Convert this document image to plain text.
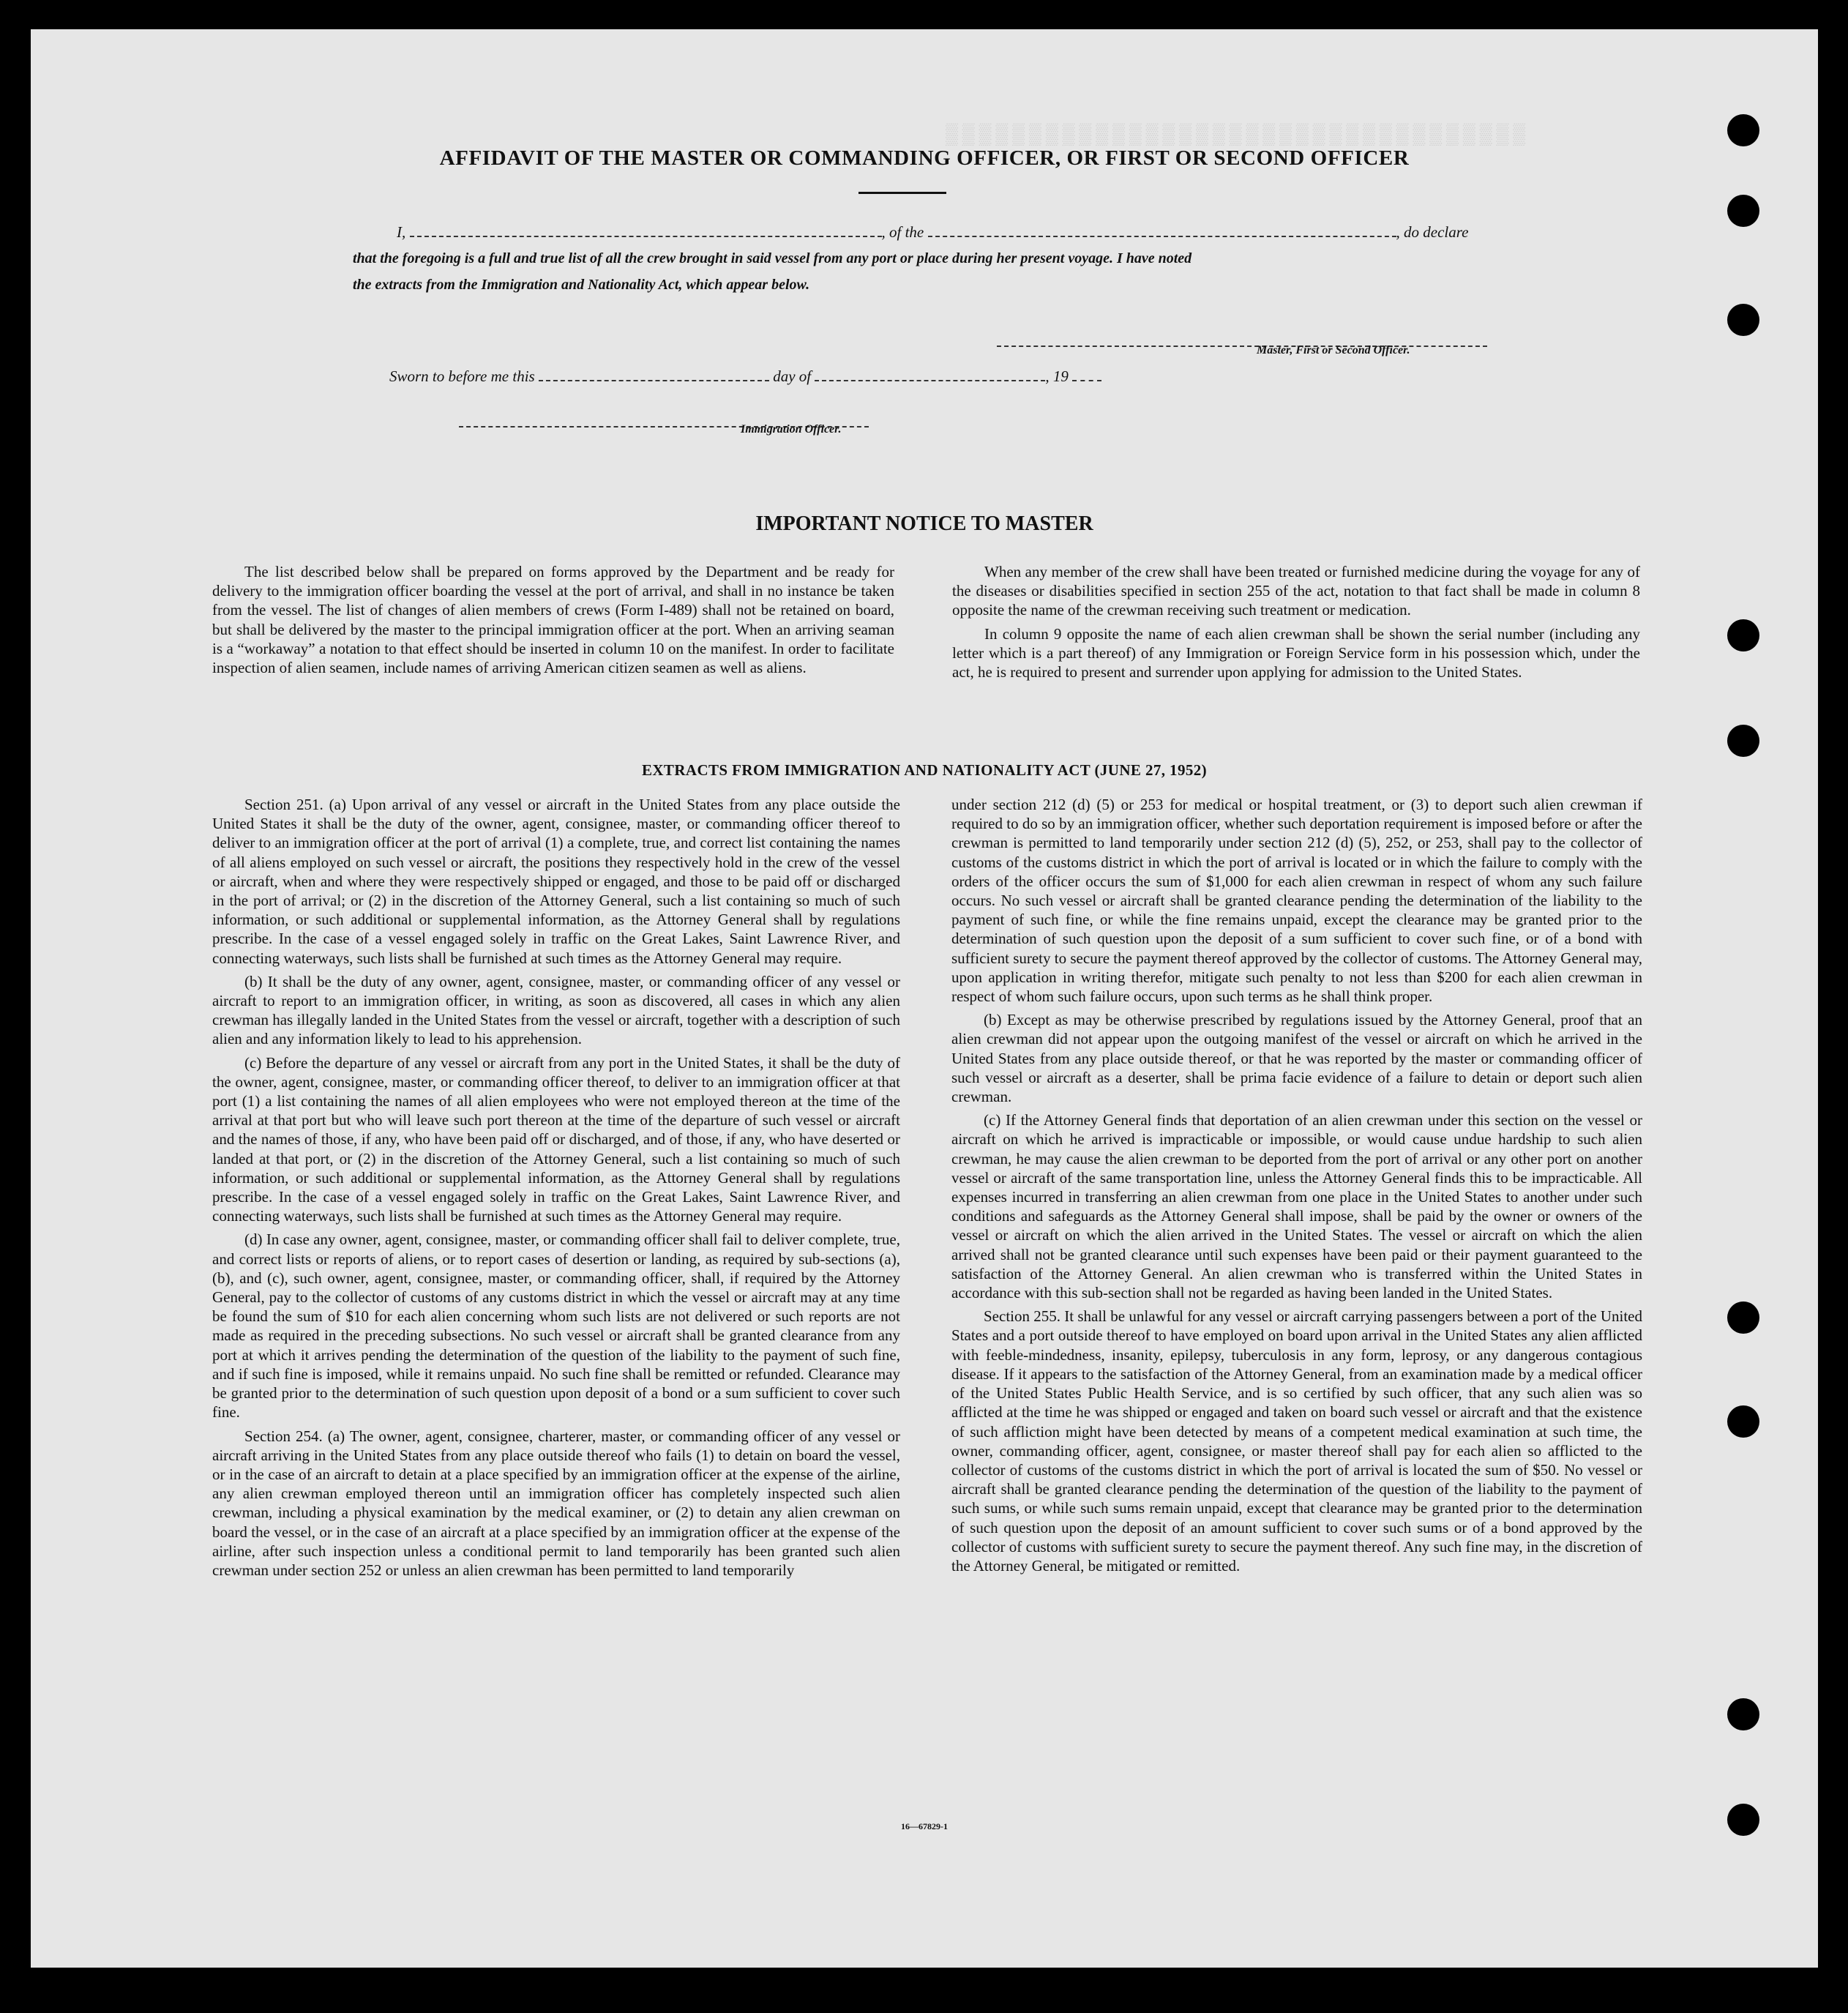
▒▒▒▒▒▒▒▒▒▒▒▒▒▒▒▒▒▒▒▒▒▒▒▒▒▒▒▒▒▒▒▒▒▒▒
AFFIDAVIT OF THE MASTER OR COMMANDING OFFICER, OR FIRST OR SECOND OFFICER
I,	, of the	, do declare
that the foregoing is a full and true list of all the crew brought in said vessel from any port or place during her present voyage. I have noted
the extracts from the Immigration and Nationality Act, which appear below.
Master, First or Second Officer.
Sworn to before me this	day of	, 19
Immigration Officer.
IMPORTANT NOTICE TO MASTER

The list described below shall be prepared on forms approved by the Department and be ready for delivery to the immigration officer boarding the vessel at the port of arrival, and shall in no instance be taken from the vessel. The list of changes of alien members of crews (Form I-489) shall not be retained on board, but shall be delivered by the master to the principal immigration officer at the port. When an arriving seaman is a “workaway” a notation to that effect should be inserted in column 10 on the manifest. In order to facilitate inspection of alien seamen, include names of arriving American citizen seamen as well as aliens.

When any member of the crew shall have been treated or furnished medicine during the voyage for any of the diseases or disabilities specified in section 255 of the act, notation to that fact shall be made in column 8 opposite the name of the crewman receiving such treatment or medication.

In column 9 opposite the name of each alien crewman shall be shown the serial number (including any letter which is a part thereof) of any Immigration or Foreign Service form in his possession which, under the act, he is required to present and surrender upon applying for admission to the United States.

EXTRACTS FROM IMMIGRATION AND NATIONALITY ACT (JUNE 27, 1952)

Section 251. (a) Upon arrival of any vessel or aircraft in the United States from any place outside the United States it shall be the duty of the owner, agent, consignee, master, or commanding officer thereof to deliver to an immigration officer at the port of arrival (1) a complete, true, and correct list containing the names of all aliens employed on such vessel or aircraft, the positions they respectively hold in the crew of the vessel or aircraft, when and where they were respectively shipped or engaged, and those to be paid off or discharged in the port of arrival; or (2) in the discretion of the Attorney General, such a list containing so much of such information, or such additional or supplemental information, as the Attorney General shall by regulations prescribe. In the case of a vessel engaged solely in traffic on the Great Lakes, Saint Lawrence River, and connecting waterways, such lists shall be furnished at such times as the Attorney General may require.

(b) It shall be the duty of any owner, agent, consignee, master, or commanding officer of any vessel or aircraft to report to an immigration officer, in writing, as soon as discovered, all cases in which any alien crewman has illegally landed in the United States from the vessel or aircraft, together with a description of such alien and any information likely to lead to his apprehension.

(c) Before the departure of any vessel or aircraft from any port in the United States, it shall be the duty of the owner, agent, consignee, master, or commanding officer thereof, to deliver to an immigration officer at that port (1) a list containing the names of all alien employees who were not employed thereon at the time of the arrival at that port but who will leave such port thereon at the time of the departure of such vessel or aircraft and the names of those, if any, who have been paid off or discharged, and of those, if any, who have deserted or landed at that port, or (2) in the discretion of the Attorney General, such a list containing so much of such information, or such additional or supplemental information, as the Attorney General shall by regulations prescribe. In the case of a vessel engaged solely in traffic on the Great Lakes, Saint Lawrence River, and connecting waterways, such lists shall be furnished at such times as the Attorney General may require.

(d) In case any owner, agent, consignee, master, or commanding officer shall fail to deliver complete, true, and correct lists or reports of aliens, or to report cases of desertion or landing, as required by sub-sections (a), (b), and (c), such owner, agent, consignee, master, or commanding officer, shall, if required by the Attorney General, pay to the collector of customs of any customs district in which the vessel or aircraft may at any time be found the sum of $10 for each alien concerning whom such lists are not delivered or such reports are not made as required in the preceding subsections. No such vessel or aircraft shall be granted clearance from any port at which it arrives pending the determination of the question of the liability to the payment of such fine, and if such fine is imposed, while it remains unpaid. No such fine shall be remitted or refunded. Clearance may be granted prior to the determination of such question upon deposit of a bond or a sum sufficient to cover such fine.

Section 254. (a) The owner, agent, consignee, charterer, master, or commanding officer of any vessel or aircraft arriving in the United States from any place outside thereof who fails (1) to detain on board the vessel, or in the case of an aircraft to detain at a place specified by an immigration officer at the expense of the airline, any alien crewman employed thereon until an immigration officer has completely inspected such alien crewman, including a physical examination by the medical examiner, or (2) to detain any alien crewman on board the vessel, or in the case of an aircraft at a place specified by an immigration officer at the expense of the airline, after such inspection unless a conditional permit to land temporarily has been granted such alien crewman under section 252 or unless an alien crewman has been permitted to land temporarily

under section 212 (d) (5) or 253 for medical or hospital treatment, or (3) to deport such alien crewman if required to do so by an immigration officer, whether such deportation requirement is imposed before or after the crewman is permitted to land temporarily under section 212 (d) (5), 252, or 253, shall pay to the collector of customs of the customs district in which the port of arrival is located or in which the failure to comply with the orders of the officer occurs the sum of $1,000 for each alien crewman in respect of whom any such failure occurs. No such vessel or aircraft shall be granted clearance pending the determination of the liability to the payment of such fine, or while the fine remains unpaid, except the clearance may be granted prior to the determination of such question upon the deposit of a sum sufficient to cover such fine, or of a bond with sufficient surety to secure the payment thereof approved by the collector of customs. The Attorney General may, upon application in writing therefor, mitigate such penalty to not less than $200 for each alien crewman in respect of whom such failure occurs, upon such terms as he shall think proper.

(b) Except as may be otherwise prescribed by regulations issued by the Attorney General, proof that an alien crewman did not appear upon the outgoing manifest of the vessel or aircraft on which he arrived in the United States from any place outside thereof, or that he was reported by the master or commanding officer of such vessel or aircraft as a deserter, shall be prima facie evidence of a failure to detain or deport such alien crewman.

(c) If the Attorney General finds that deportation of an alien crewman under this section on the vessel or aircraft on which he arrived is impracticable or impossible, or would cause undue hardship to such alien crewman, he may cause the alien crewman to be deported from the port of arrival or any other port on another vessel or aircraft of the same transportation line, unless the Attorney General finds this to be impracticable. All expenses incurred in transferring an alien crewman from one place in the United States to another under such conditions and safeguards as the Attorney General shall impose, shall be paid by the owner or owners of the vessel or aircraft on which the alien arrived in the United States. The vessel or aircraft on which the alien arrived shall not be granted clearance until such expenses have been paid or their payment guaranteed to the satisfaction of the Attorney General. An alien crewman who is transferred within the United States in accordance with this sub-section shall not be regarded as having been landed in the United States.

Section 255. It shall be unlawful for any vessel or aircraft carrying passengers between a port of the United States and a port outside thereof to have employed on board upon arrival in the United States any alien afflicted with feeble-mindedness, insanity, epilepsy, tuberculosis in any form, leprosy, or any dangerous contagious disease. If it appears to the satisfaction of the Attorney General, from an examination made by a medical officer of the United States Public Health Service, and is so certified by such officer, that any such alien was so afflicted at the time he was shipped or engaged and taken on board such vessel or aircraft and that the existence of such affliction might have been detected by means of a competent medical examination at such time, the owner, commanding officer, agent, consignee, or master thereof shall pay for each alien so afflicted to the collector of customs of the customs district in which the port of arrival is located the sum of $50. No vessel or aircraft shall be granted clearance pending the determination of the question of the liability to the payment of such sums, or while such sums remain unpaid, except that clearance may be granted prior to the determination of such question upon the deposit of an amount sufficient to cover such sums or of a bond approved by the collector of customs with sufficient surety to secure the payment thereof. Any such fine may, in the discretion of the Attorney General, be mitigated or remitted.

16—67829-1
